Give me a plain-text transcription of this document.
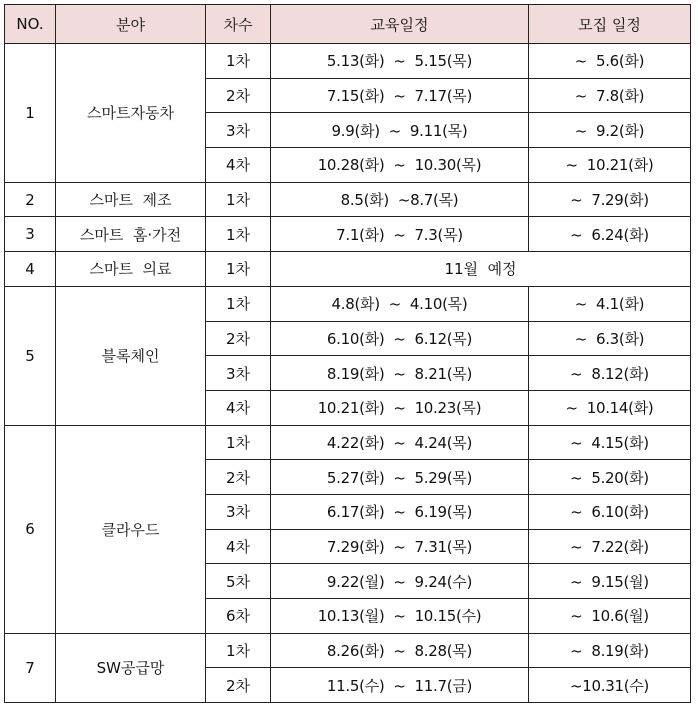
NO.	분야	차수	교육일정	모집 일정
1	스마트자동차	1차	5.13(화)  ~  5.15(목)	~  5.6(화)
		2차	7.15(화)  ~  7.17(목)	~  7.8(화)
		3차	9.9(화)  ~  9.11(목)	~  9.2(화)
		4차	10.28(화)  ~  10.30(목)	~  10.21(화)
2	스마트  제조	1차	8.5(화)  ~8.7(목)	~  7.29(화)
3	스마트  홈·가전	1차	7.1(화)  ~  7.3(목)	~  6.24(화)
4	스마트  의료	1차	11월  예정	
5	블록체인	1차	4.8(화)  ~  4.10(목)	~  4.1(화)
		2차	6.10(화)  ~  6.12(목)	~  6.3(화)
		3차	8.19(화)  ~  8.21(목)	~  8.12(화)
		4차	10.21(화)  ~  10.23(목)	~  10.14(화)
6	클라우드	1차	4.22(화)  ~  4.24(목)	~  4.15(화)
		2차	5.27(화)  ~  5.29(목)	~  5.20(화)
		3차	6.17(화)  ~  6.19(목)	~  6.10(화)
		4차	7.29(화)  ~  7.31(목)	~  7.22(화)
		5차	9.22(월)  ~  9.24(수)	~  9.15(월)
		6차	10.13(월)  ~  10.15(수)	~  10.6(월)
7	SW공급망	1차	8.26(화)  ~  8.28(목)	~  8.19(화)
		2차	11.5(수)  ~  11.7(금)	~10.31(수)
